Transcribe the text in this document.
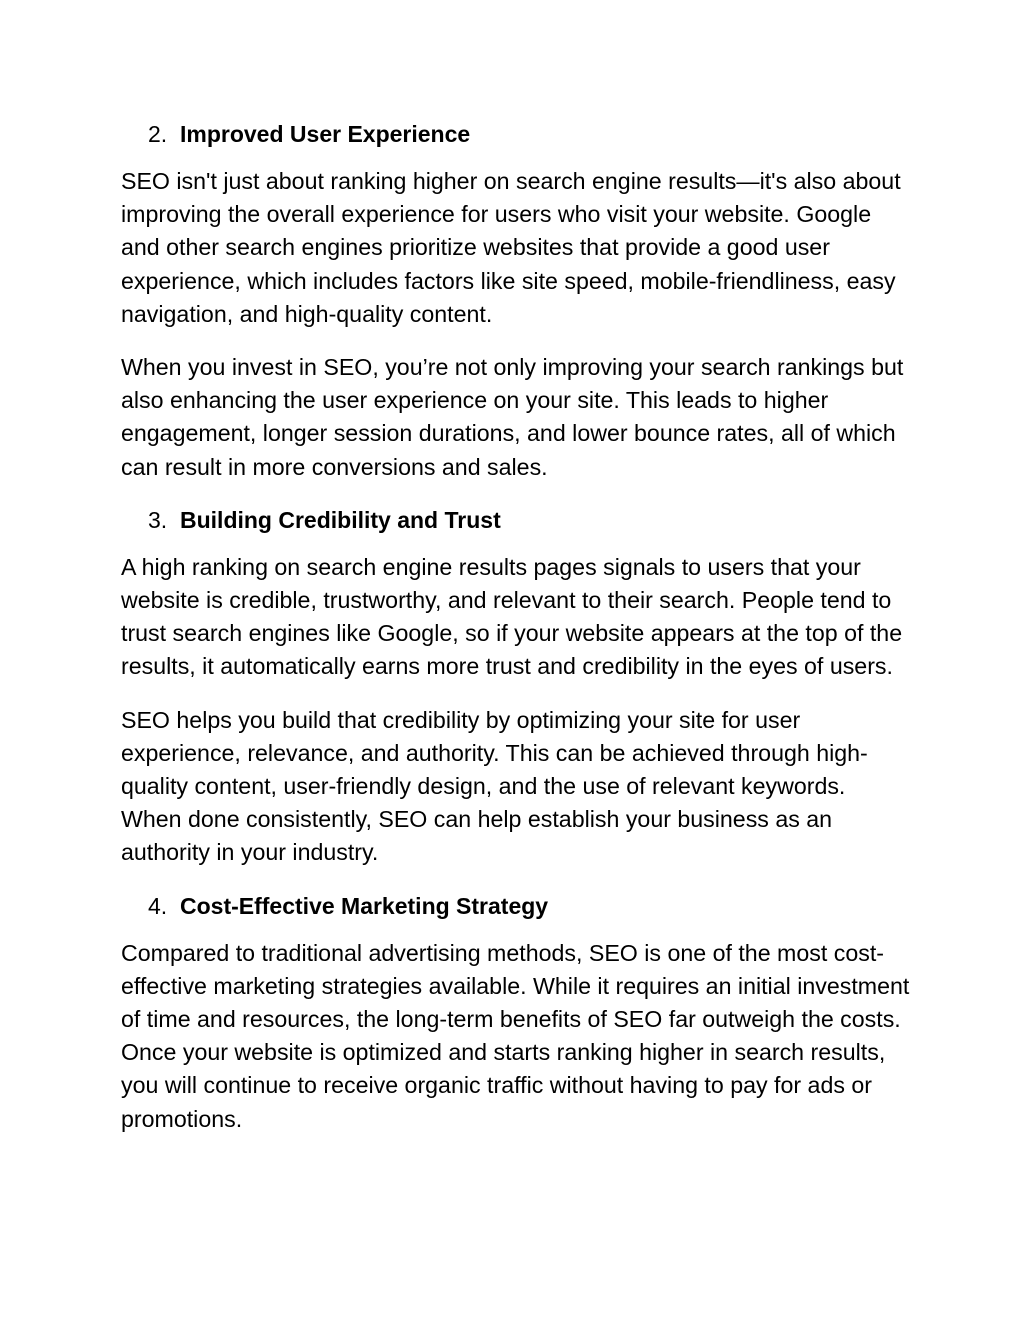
2. Improved User Experience

SEO isn't just about ranking higher on search engine results—it's also about improving the overall experience for users who visit your website. Google and other search engines prioritize websites that provide a good user experience, which includes factors like site speed, mobile-friendliness, easy navigation, and high-quality content.

When you invest in SEO, you’re not only improving your search rankings but also enhancing the user experience on your site. This leads to higher engagement, longer session durations, and lower bounce rates, all of which can result in more conversions and sales.

3. Building Credibility and Trust

A high ranking on search engine results pages signals to users that your website is credible, trustworthy, and relevant to their search. People tend to trust search engines like Google, so if your website appears at the top of the results, it automatically earns more trust and credibility in the eyes of users.

SEO helps you build that credibility by optimizing your site for user experience, relevance, and authority. This can be achieved through high-quality content, user-friendly design, and the use of relevant keywords. When done consistently, SEO can help establish your business as an authority in your industry.

4. Cost-Effective Marketing Strategy

Compared to traditional advertising methods, SEO is one of the most cost-effective marketing strategies available. While it requires an initial investment of time and resources, the long-term benefits of SEO far outweigh the costs. Once your website is optimized and starts ranking higher in search results, you will continue to receive organic traffic without having to pay for ads or promotions.
